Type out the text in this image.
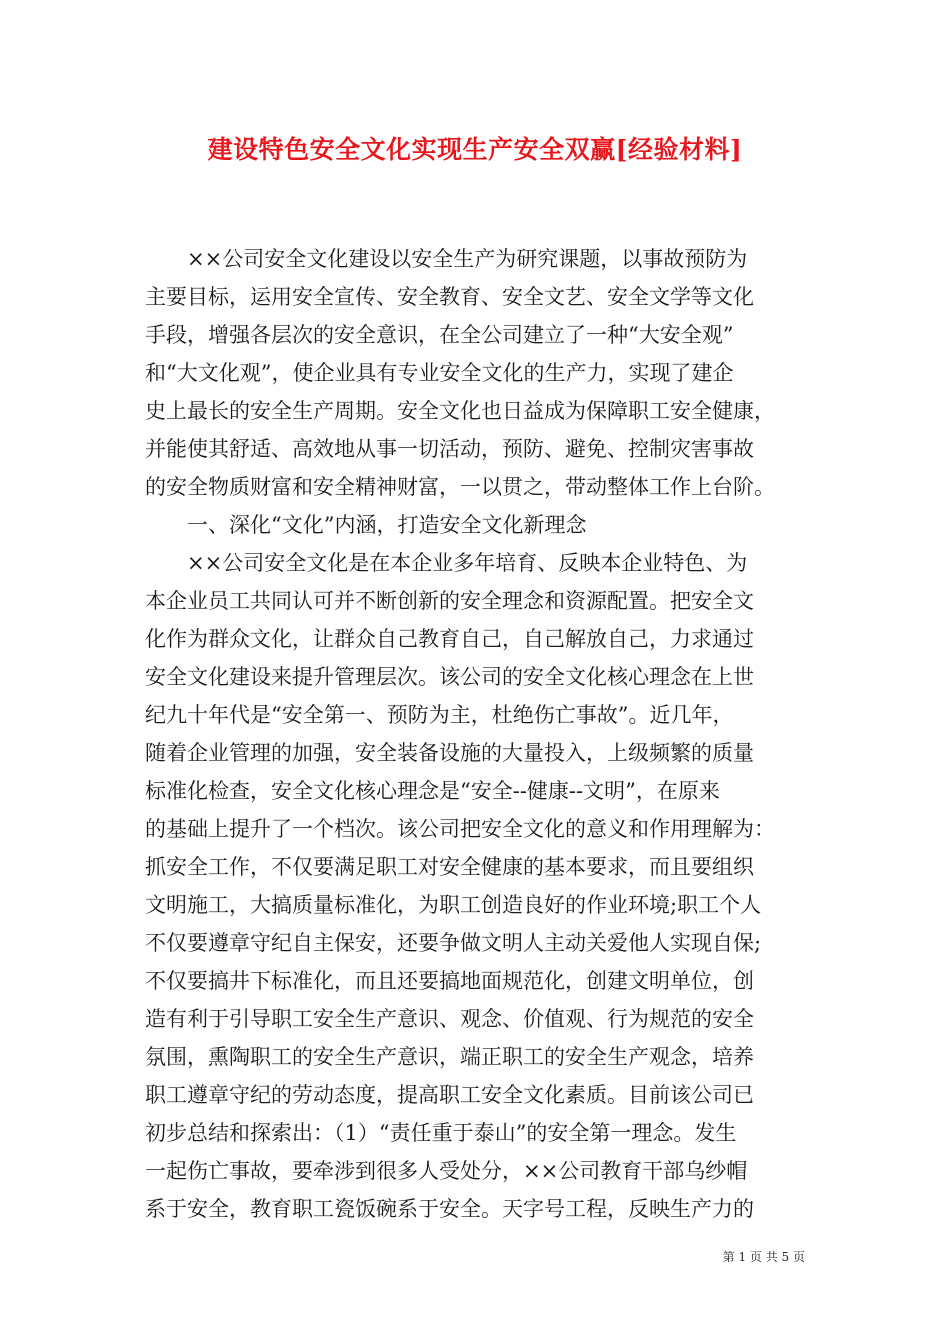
建设特色安全文化实现生产安全双赢[经验材料]
　　××公司安全文化建设以安全生产为研究课题，以事故预防为
主要目标，运用安全宣传、安全教育、安全文艺、安全文学等文化
手段，增强各层次的安全意识，在全公司建立了一种“大安全观”
和“大文化观”，使企业具有专业安全文化的生产力，实现了建企
史上最长的安全生产周期。安全文化也日益成为保障职工安全健康，
并能使其舒适、高效地从事一切活动，预防、避免、控制灾害事故
的安全物质财富和安全精神财富，一以贯之，带动整体工作上台阶。
　　一、深化“文化”内涵，打造安全文化新理念
　　××公司安全文化是在本企业多年培育、反映本企业特色、为
本企业员工共同认可并不断创新的安全理念和资源配置。把安全文
化作为群众文化，让群众自己教育自己，自己解放自己，力求通过
安全文化建设来提升管理层次。该公司的安全文化核心理念在上世
纪九十年代是“安全第一、预防为主，杜绝伤亡事故”。近几年，
随着企业管理的加强，安全装备设施的大量投入，上级频繁的质量
标准化检查，安全文化核心理念是“安全--健康--文明”，在原来
的基础上提升了一个档次。该公司把安全文化的意义和作用理解为：
抓安全工作，不仅要满足职工对安全健康的基本要求，而且要组织
文明施工，大搞质量标准化，为职工创造良好的作业环境;职工个人
不仅要遵章守纪自主保安，还要争做文明人主动关爱他人实现自保;
不仅要搞井下标准化，而且还要搞地面规范化，创建文明单位，创
造有利于引导职工安全生产意识、观念、价值观、行为规范的安全
氛围，熏陶职工的安全生产意识，端正职工的安全生产观念，培养
职工遵章守纪的劳动态度，提高职工安全文化素质。目前该公司已
初步总结和探索出：（1）“责任重于泰山”的安全第一理念。发生
一起伤亡事故，要牵涉到很多人受处分，××公司教育干部乌纱帽
系于安全，教育职工瓷饭碗系于安全。天字号工程，反映生产力的
第 1 页 共 5 页
